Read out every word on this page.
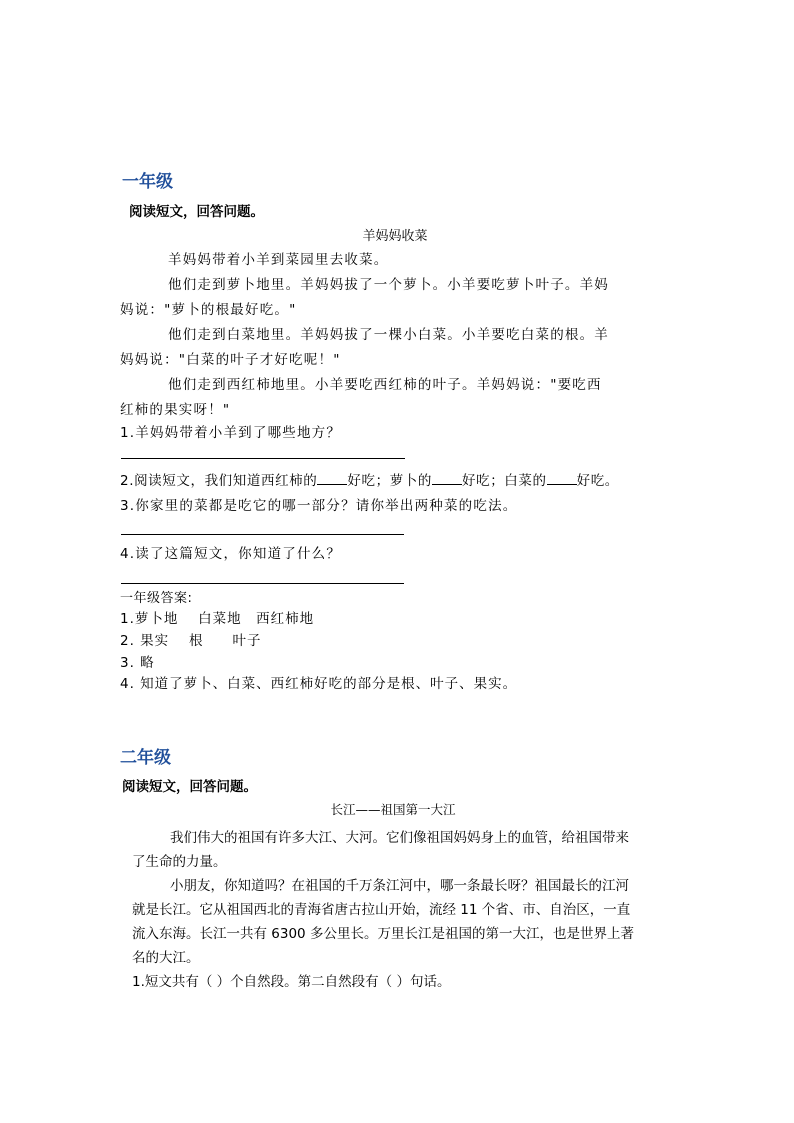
一年级
阅读短文，回答问题。
羊妈妈收菜
羊妈妈带着小羊到菜园里去收菜。
他们走到萝卜地里。羊妈妈拔了一个萝卜。小羊要吃萝卜叶子。羊妈
妈说："萝卜的根最好吃。"
他们走到白菜地里。羊妈妈拔了一棵小白菜。小羊要吃白菜的根。羊
妈妈说："白菜的叶子才好吃呢！"
他们走到西红柿地里。小羊要吃西红柿的叶子。羊妈妈说："要吃西
红柿的果实呀！"
1.羊妈妈带着小羊到了哪些地方？
2.阅读短文，我们知道西红柿的 好吃；萝卜的 好吃；白菜的 好吃。
3.你家里的菜都是吃它的哪一部分？请你举出两种菜的吃法。
4.读了这篇短文，你知道了什么？
一年级答案:
1.萝卜地　 白菜地　西红柿地
2. 果实　 根　　叶子
3. 略
4. 知道了萝卜、白菜、西红柿好吃的部分是根、叶子、果实。
二年级
阅读短文，回答问题。
长江——祖国第一大江
我们伟大的祖国有许多大江、大河。它们像祖国妈妈身上的血管，给祖国带来
了生命的力量。
小朋友，你知道吗？在祖国的千万条江河中，哪一条最长呀？祖国最长的江河
就是长江。它从祖国西北的青海省唐古拉山开始，流经 11 个省、市、自治区，一直
流入东海。长江一共有 6300 多公里长。万里长江是祖国的第一大江，也是世界上著
名的大江。
1.短文共有（ ）个自然段。第二自然段有（ ）句话。
